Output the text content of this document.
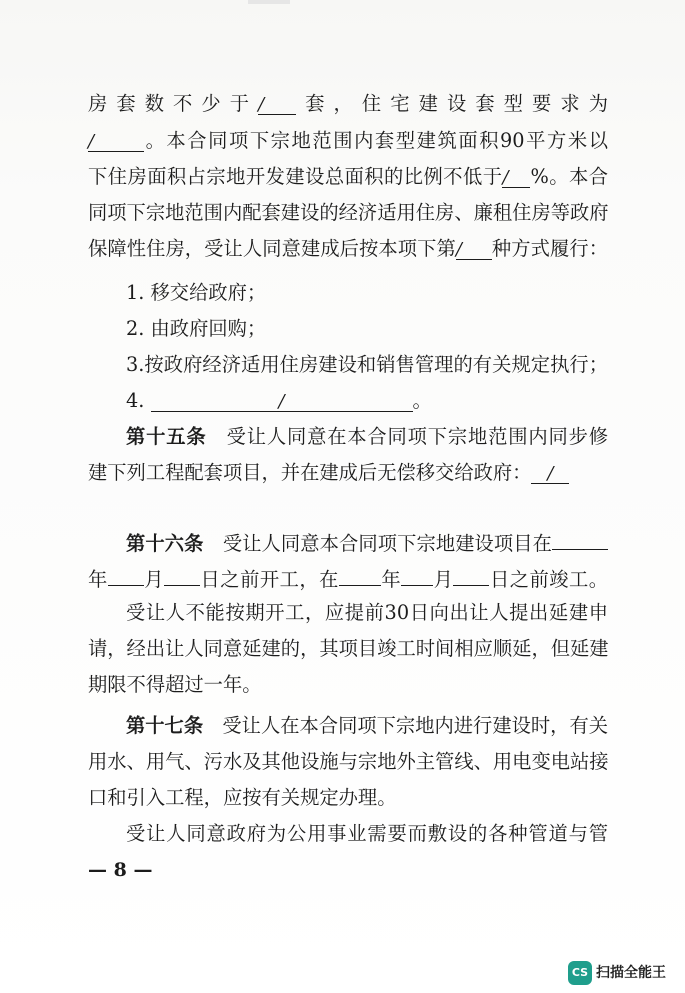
房套数不少于/ 套，住宅建设套型要求为
/	。本合同项下宗地范围内套型建筑面积90平方米以
下住房面积占宗地开发建设总面积的比例不低于/ %。本合
同项下宗地范围内配套建设的经济适用住房、廉租住房等政府
保障性住房，受让人同意建成后按本项下第/ 种方式履行：
1. 移交给政府；
2. 由政府回购；
3.按政府经济适用住房建设和销售管理的有关规定执行；
4.	/	。
第十五条　受让人同意在本合同项下宗地范围内同步修
建下列工程配套项目，并在建成后无偿移交给政府： /
第十六条　受让人同意本合同项下宗地建设项目在
年 月 日之前开工，在 年 月 日之前竣工。
受让人不能按期开工，应提前30日向出让人提出延建申
请，经出让人同意延建的，其项目竣工时间相应顺延，但延建
期限不得超过一年。
第十七条　受让人在本合同项下宗地内进行建设时，有关
用水、用气、污水及其他设施与宗地外主管线、用电变电站接
口和引入工程，应按有关规定办理。
受让人同意政府为公用事业需要而敷设的各种管道与管
— 8 —
CS 扫描全能王
